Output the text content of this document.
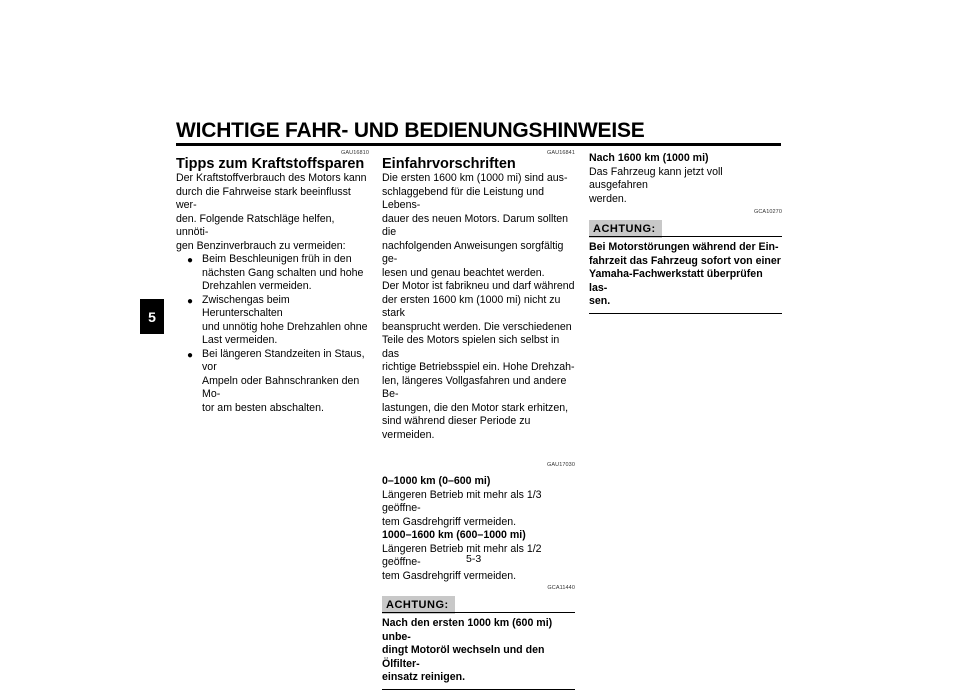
WICHTIGE FAHR- UND BEDIENUNGSHINWEISE
5
GAU16810
Tipps zum Kraftstoffsparen
Der Kraftstoffverbrauch des Motors kann
durch die Fahrweise stark beeinflusst wer-
den. Folgende Ratschläge helfen, unnöti-
gen Benzinverbrauch zu vermeiden:
● Beim Beschleunigen früh in den
nächsten Gang schalten und hohe
Drehzahlen vermeiden.
● Zwischengas beim Herunterschalten
und unnötig hohe Drehzahlen ohne
Last vermeiden.
● Bei längeren Standzeiten in Staus, vor
Ampeln oder Bahnschranken den Mo-
tor am besten abschalten.
GAU16841
Einfahrvorschriften
Die ersten 1600 km (1000 mi) sind aus-
schlaggebend für die Leistung und Lebens-
dauer des neuen Motors. Darum sollten die
nachfolgenden Anweisungen sorgfältig ge-
lesen und genau beachtet werden.
Der Motor ist fabrikneu und darf während
der ersten 1600 km (1000 mi) nicht zu stark
beansprucht werden. Die verschiedenen
Teile des Motors spielen sich selbst in das
richtige Betriebsspiel ein. Hohe Drehzah-
len, längeres Vollgasfahren und andere Be-
lastungen, die den Motor stark erhitzen,
sind während dieser Periode zu vermeiden.
GAU17030
0–1000 km (0–600 mi)
Längeren Betrieb mit mehr als 1/3 geöffne-
tem Gasdrehgriff vermeiden.
1000–1600 km (600–1000 mi)
Längeren Betrieb mit mehr als 1/2 geöffne-
tem Gasdrehgriff vermeiden.
GCA11440
ACHTUNG:
Nach den ersten 1000 km (600 mi) unbe-
dingt Motoröl wechseln und den Ölfilter-
einsatz reinigen.
Nach 1600 km (1000 mi)
Das Fahrzeug kann jetzt voll ausgefahren
werden.
GCA10270
ACHTUNG:
Bei Motorstörungen während der Ein-
fahrzeit das Fahrzeug sofort von einer
Yamaha-Fachwerkstatt überprüfen las-
sen.
5-3
